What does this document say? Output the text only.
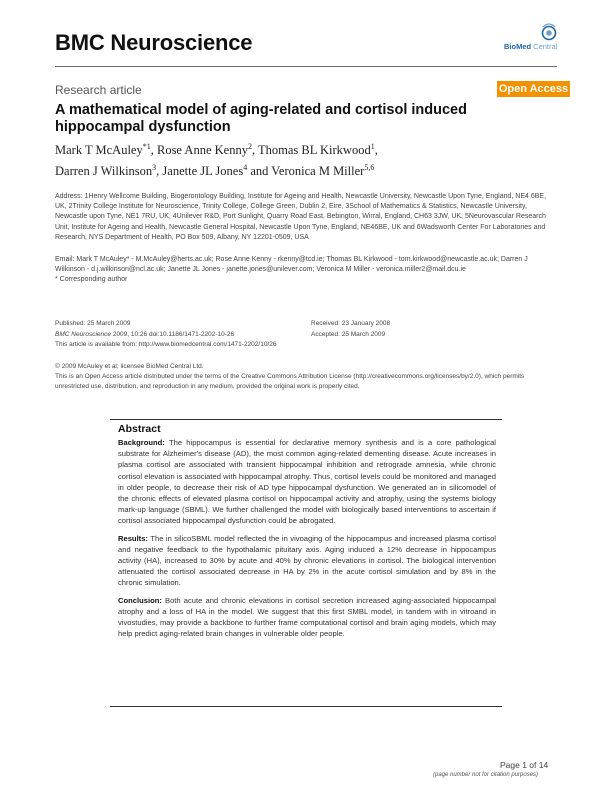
BMC Neuroscience	BioMed Central
Research article	Open Access
A mathematical model of aging-related and cortisol induced hippocampal dysfunction
Mark T McAuley$^{*1}$, Rose Anne Kenny$^2$, Thomas BL Kirkwood$^1$,
Darren J Wilkinson$^3$, Janette JL Jones$^4$ and Veronica M Miller$^{5,6}$
Address: 1Henry Wellcome Building, Biogerontology Building, Institute for Ageing and Health, Newcastle University, Newcastle Upon Tyne, England, NE4 6BE, UK, 2Trinity College Institute for Neuroscience, Trinity College, College Green, Dublin 2, Eire, 3School of Mathematics & Statistics, Newcastle University, Newcastle upon Tyne, NE1 7RU, UK, 4Unilever R&D, Port Sunlight, Quarry Road East, Bebington, Wirral, England, CH63 3JW, UK, 5Neurovascular Research Unit, Institute for Ageing and Health, Newcastle General Hospital, Newcastle Upon Tyne, England, NE46BE, UK and 6Wadsworth Center For Laboratories and Research, NYS Department of Health, PO Box 509, Albany, NY 12201-0509, USA
Email: Mark T McAuley* - M.McAuley@herts.ac.uk; Rose Anne Kenny - rkenny@tcd.ie; Thomas BL Kirkwood - tom.kirkwood@newcastle.ac.uk; Darren J Wilkinson - d.j.wilkinson@ncl.ac.uk; Janette JL Jones - janette.jones@unilever.com; Veronica M Miller - veronica.miller2@mail.dcu.ie
* Corresponding author
Published: 25 March 2009
BMC Neuroscience 2009, 10:26 doi:10.1186/1471-2202-10-26
This article is available from: http://www.biomedcentral.com/1471-2202/10/26
Received: 23 January 2008
Accepted: 25 March 2009
© 2009 McAuley et al; licensee BioMed Central Ltd.
This is an Open Access article distributed under the terms of the Creative Commons Attribution License (http://creativecommons.org/licenses/by/2.0), which permits unrestricted use, distribution, and reproduction in any medium, provided the original work is properly cited.
Abstract

Background: The hippocampus is essential for declarative memory synthesis and is a core pathological substrate for Alzheimer's disease (AD), the most common aging-related dementing disease. Acute increases in plasma cortisol are associated with transient hippocampal inhibition and retrograde amnesia, while chronic cortisol elevation is associated with hippocampal atrophy. Thus, cortisol levels could be monitored and managed in older people, to decrease their risk of AD type hippocampal dysfunction. We generated an in silicomodel of the chronic effects of elevated plasma cortisol on hippocampal activity and atrophy, using the systems biology mark-up language (SBML). We further challenged the model with biologically based interventions to ascertain if cortisol associated hippocampal dysfunction could be abrogated.

Results: The in silicoSBML model reflected the in vivoaging of the hippocampus and increased plasma cortisol and negative feedback to the hypothalamic pituitary axis. Aging induced a 12% decrease in hippocampus activity (HA), increased to 30% by acute and 40% by chronic elevations in cortisol. The biological intervention attenuated the cortisol associated decrease in HA by 2% in the acute cortisol simulation and by 8% in the chronic simulation.

Conclusion: Both acute and chronic elevations in cortisol secretion increased aging-associated hippocampal atrophy and a loss of HA in the model. We suggest that this first SMBL model, in tandem with in vitroand in vivostudies, may provide a backbone to further frame computational cortisol and brain aging models, which may help predict aging-related brain changes in vulnerable older people.

Page 1 of 14
(page number not for citation purposes)
